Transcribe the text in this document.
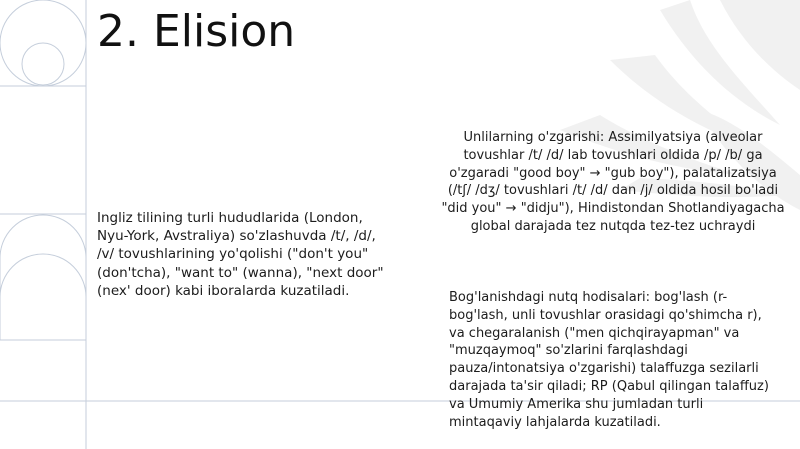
2. Elision
Ingliz tilining turli hududlarida (London, Nyu-York, Avstraliya) so'zlashuvda /t/, /d/, /v/ tovushlarining yo'qolishi ("don't you" (don'tcha), "want to" (wanna), "next door" (nex' door) kabi iboralarda kuzatiladi.
Unlilarning o'zgarishi: Assimilyatsiya (alveolar tovushlar /t/ /d/ lab tovushlari oldida /p/ /b/ ga o'zgaradi "good boy" → "gub boy"), palatalizatsiya (/tʃ/ /dʒ/ tovushlari /t/ /d/ dan /j/ oldida hosil bo'ladi "did you" → "didju"), Hindistondan Shotlandiyagacha global darajada tez nutqda tez-tez uchraydi
Bog'lanishdagi nutq hodisalari: bog'lash (r-bog'lash, unli tovushlar orasidagi qo'shimcha r), va chegaralanish ("men qichqirayapman" va "muzqaymoq" so'zlarini farqlashdagi pauza/intonatsiya o'zgarishi) talaffuzga sezilarli darajada ta'sir qiladi; RP (Qabul qilingan talaffuz) va Umumiy Amerika shu jumladan turli mintaqaviy lahjalarda kuzatiladi.
